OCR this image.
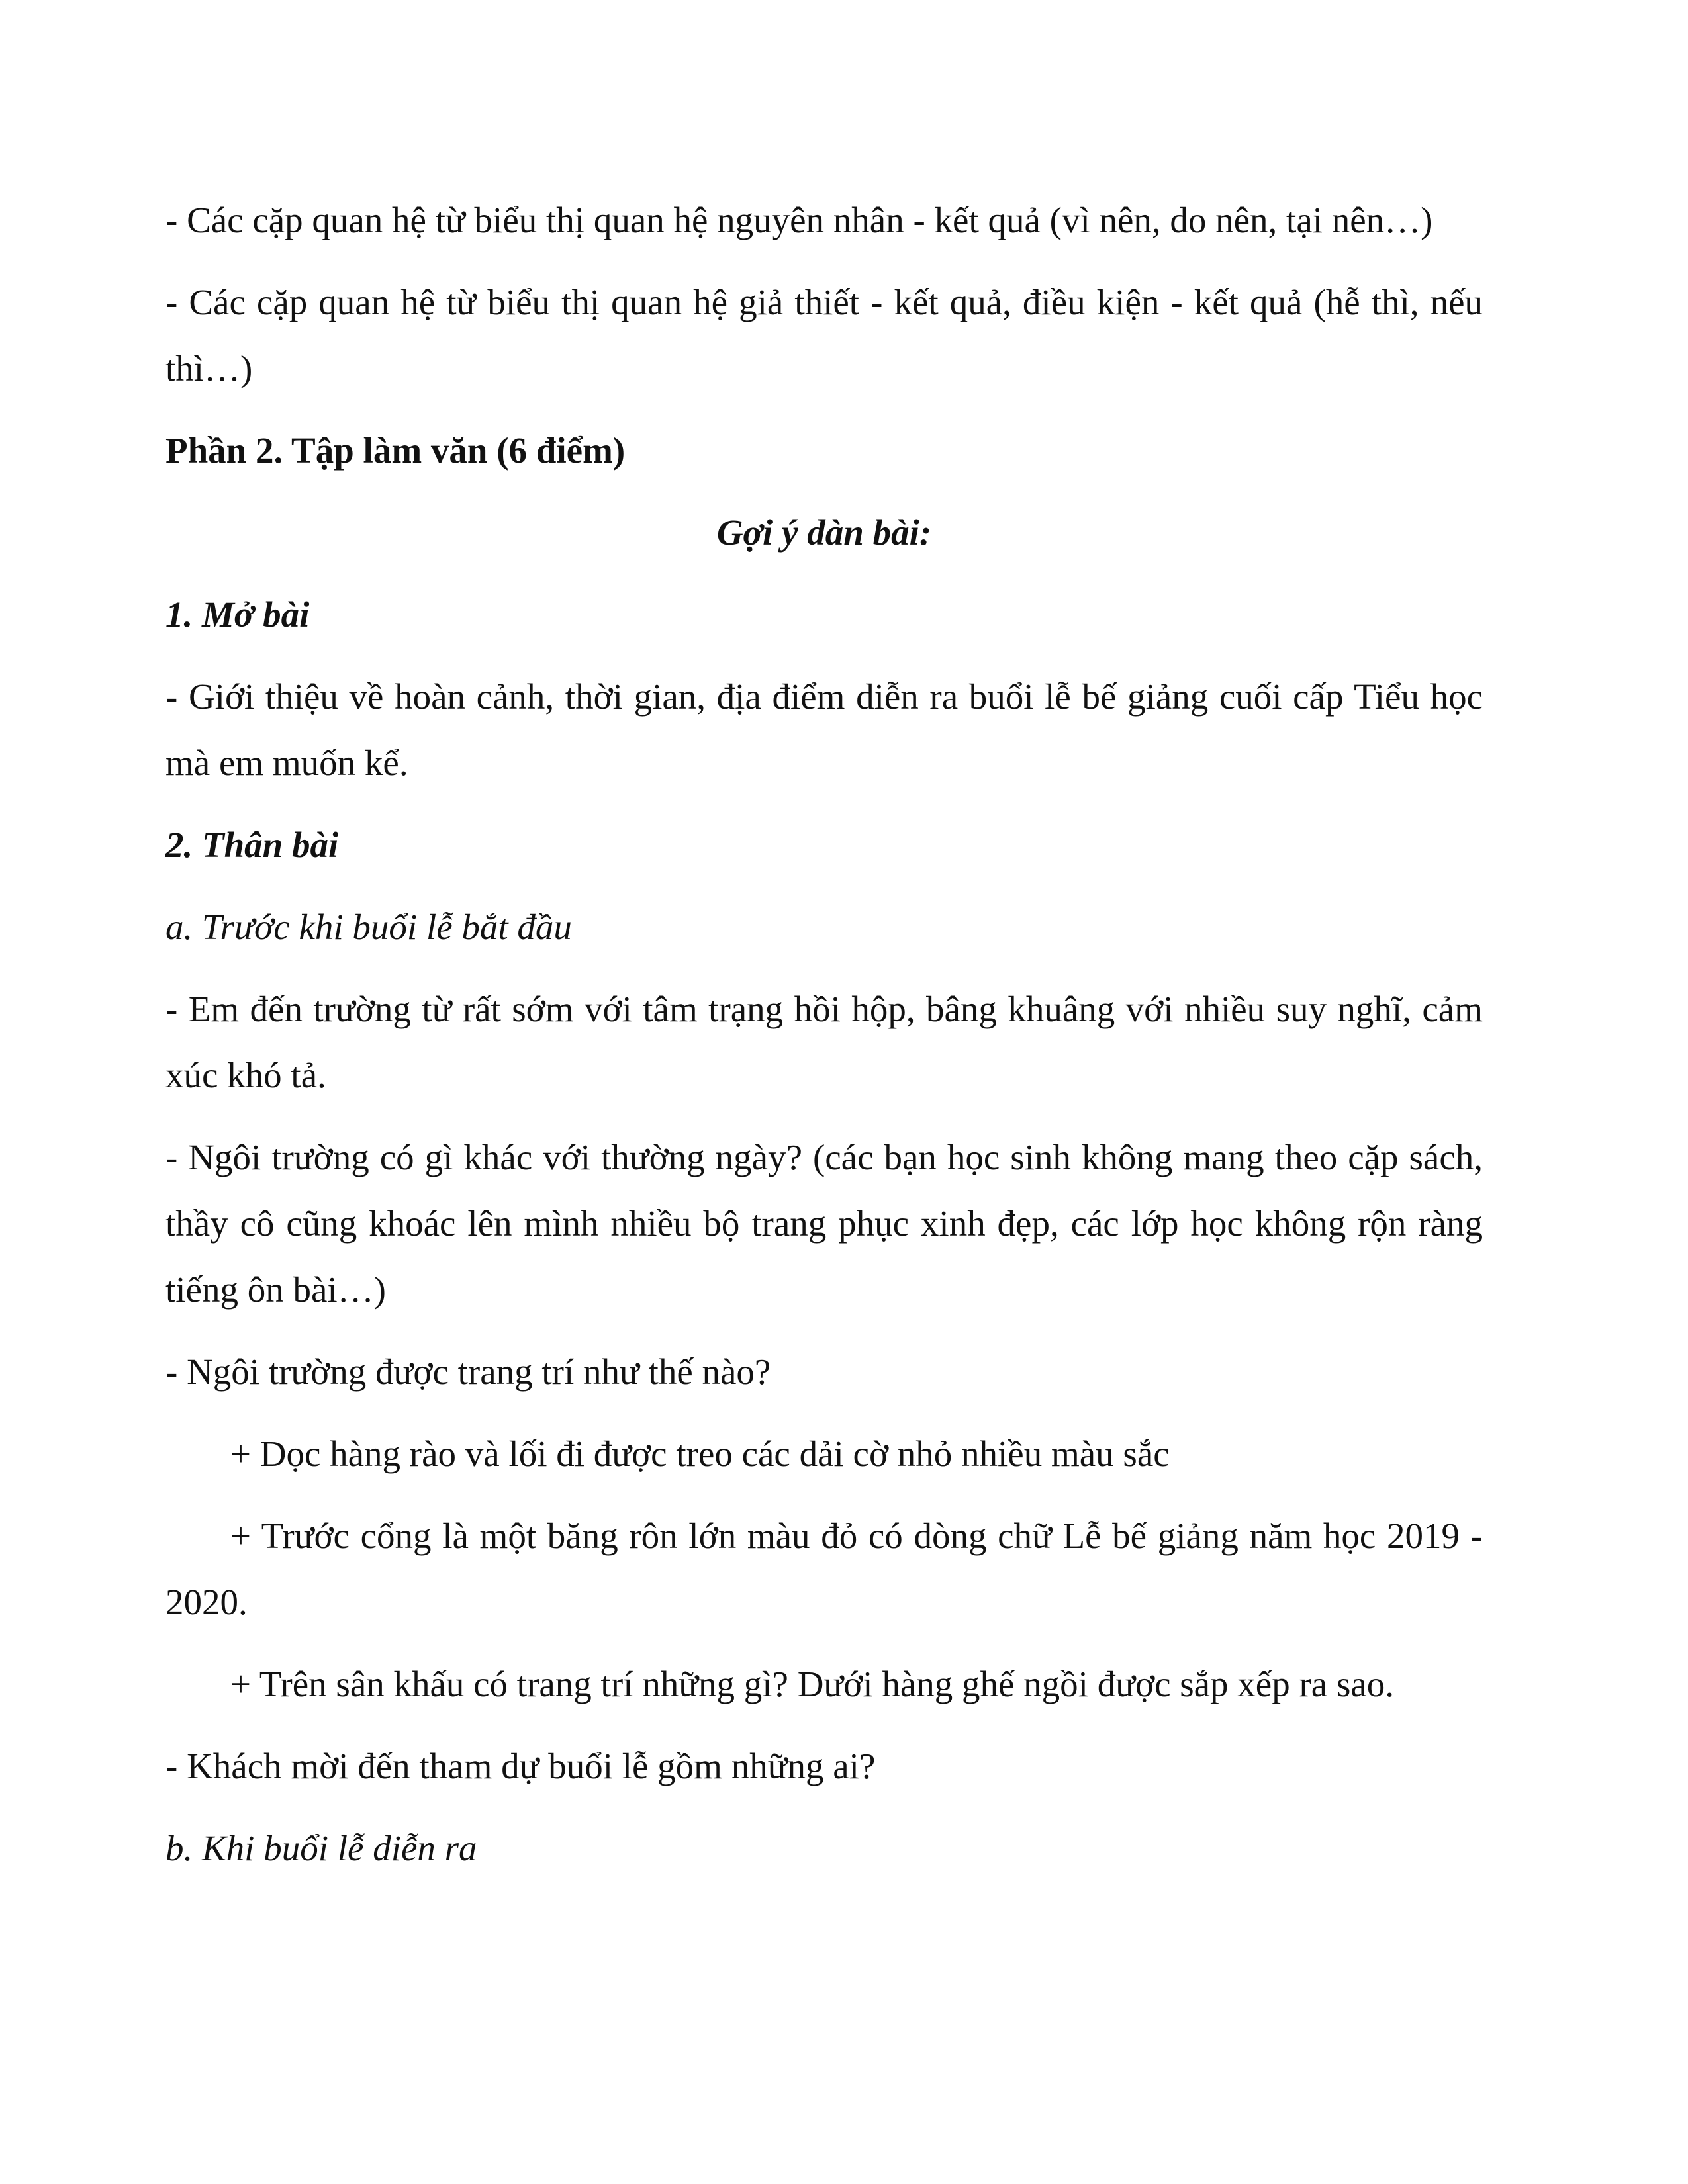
- Các cặp quan hệ từ biểu thị quan hệ nguyên nhân - kết quả (vì nên, do nên, tại nên…)

- Các cặp quan hệ từ biểu thị quan hệ giả thiết - kết quả, điều kiện - kết quả (hễ thì, nếu thì…)

Phần 2. Tập làm văn (6 điểm)

Gợi ý dàn bài:

1. Mở bài

- Giới thiệu về hoàn cảnh, thời gian, địa điểm diễn ra buổi lễ bế giảng cuối cấp Tiểu học mà em muốn kể.

2. Thân bài

a. Trước khi buổi lễ bắt đầu

- Em đến trường từ rất sớm với tâm trạng hồi hộp, bâng khuâng với nhiều suy nghĩ, cảm xúc khó tả.

- Ngôi trường có gì khác với thường ngày? (các bạn học sinh không mang theo cặp sách, thầy cô cũng khoác lên mình nhiều bộ trang phục xinh đẹp, các lớp học không rộn ràng tiếng ôn bài…)

- Ngôi trường được trang trí như thế nào?

+ Dọc hàng rào và lối đi được treo các dải cờ nhỏ nhiều màu sắc

+ Trước cổng là một băng rôn lớn màu đỏ có dòng chữ Lễ bế giảng năm học 2019 - 2020.

+ Trên sân khấu có trang trí những gì? Dưới hàng ghế ngồi được sắp xếp ra sao.

- Khách mời đến tham dự buổi lễ gồm những ai?

b. Khi buổi lễ diễn ra
